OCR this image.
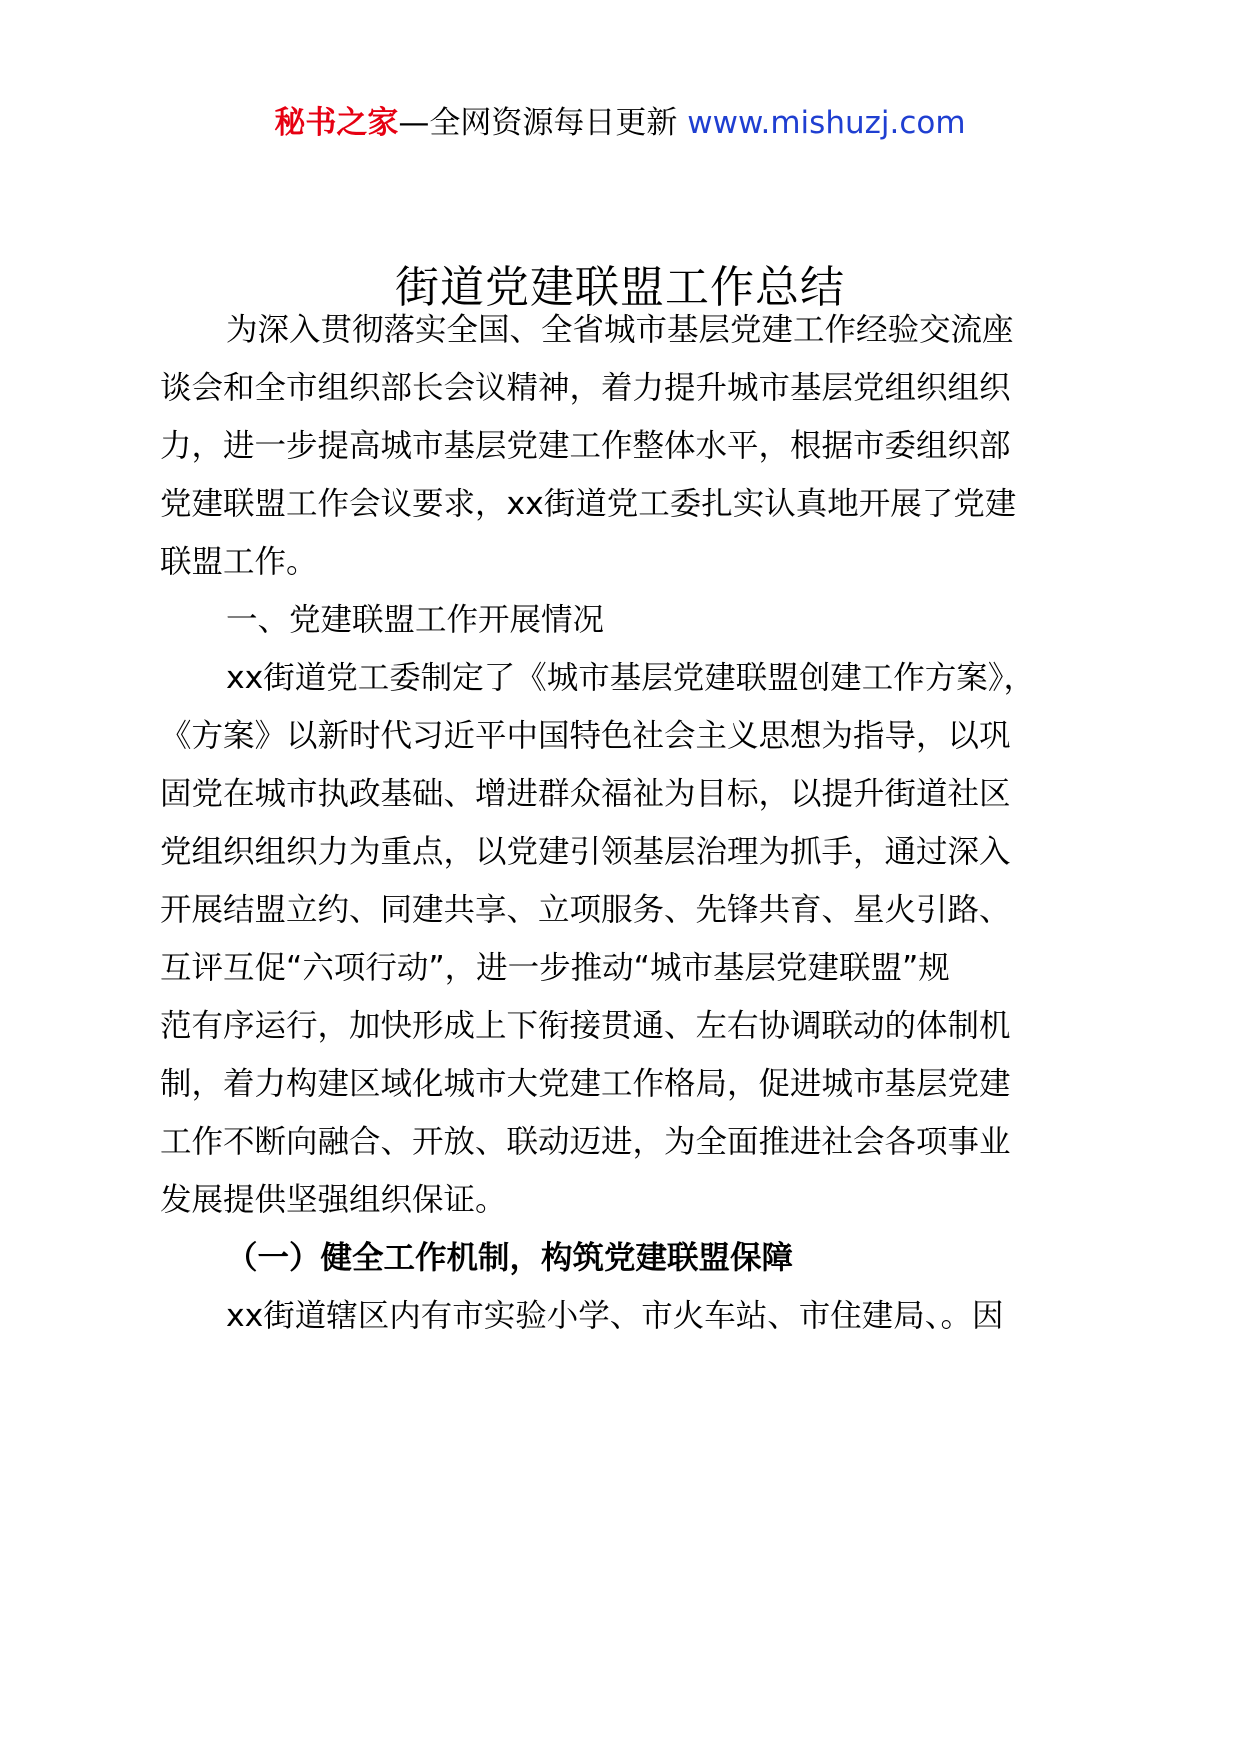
秘书之家—全网资源每日更新 www.mishuzj.com
街道党建联盟工作总结
为深入贯彻落实全国、全省城市基层党建工作经验交流座
谈会和全市组织部长会议精神，着力提升城市基层党组织组织
力，进一步提高城市基层党建工作整体水平，根据市委组织部
党建联盟工作会议要求，xx街道党工委扎实认真地开展了党建
联盟工作。
一、党建联盟工作开展情况
xx街道党工委制定了《城市基层党建联盟创建工作方案》，
《方案》以新时代习近平中国特色社会主义思想为指导，以巩
固党在城市执政基础、增进群众福祉为目标，以提升街道社区
党组织组织力为重点，以党建引领基层治理为抓手，通过深入
开展结盟立约、同建共享、立项服务、先锋共育、星火引路、
互评互促“六项行动”，进一步推动“城市基层党建联盟”规
范有序运行，加快形成上下衔接贯通、左右协调联动的体制机
制，着力构建区域化城市大党建工作格局，促进城市基层党建
工作不断向融合、开放、联动迈进，为全面推进社会各项事业
发展提供坚强组织保证。
（一）健全工作机制，构筑党建联盟保障
xx街道辖区内有市实验小学、市火车站、市住建局、。因
